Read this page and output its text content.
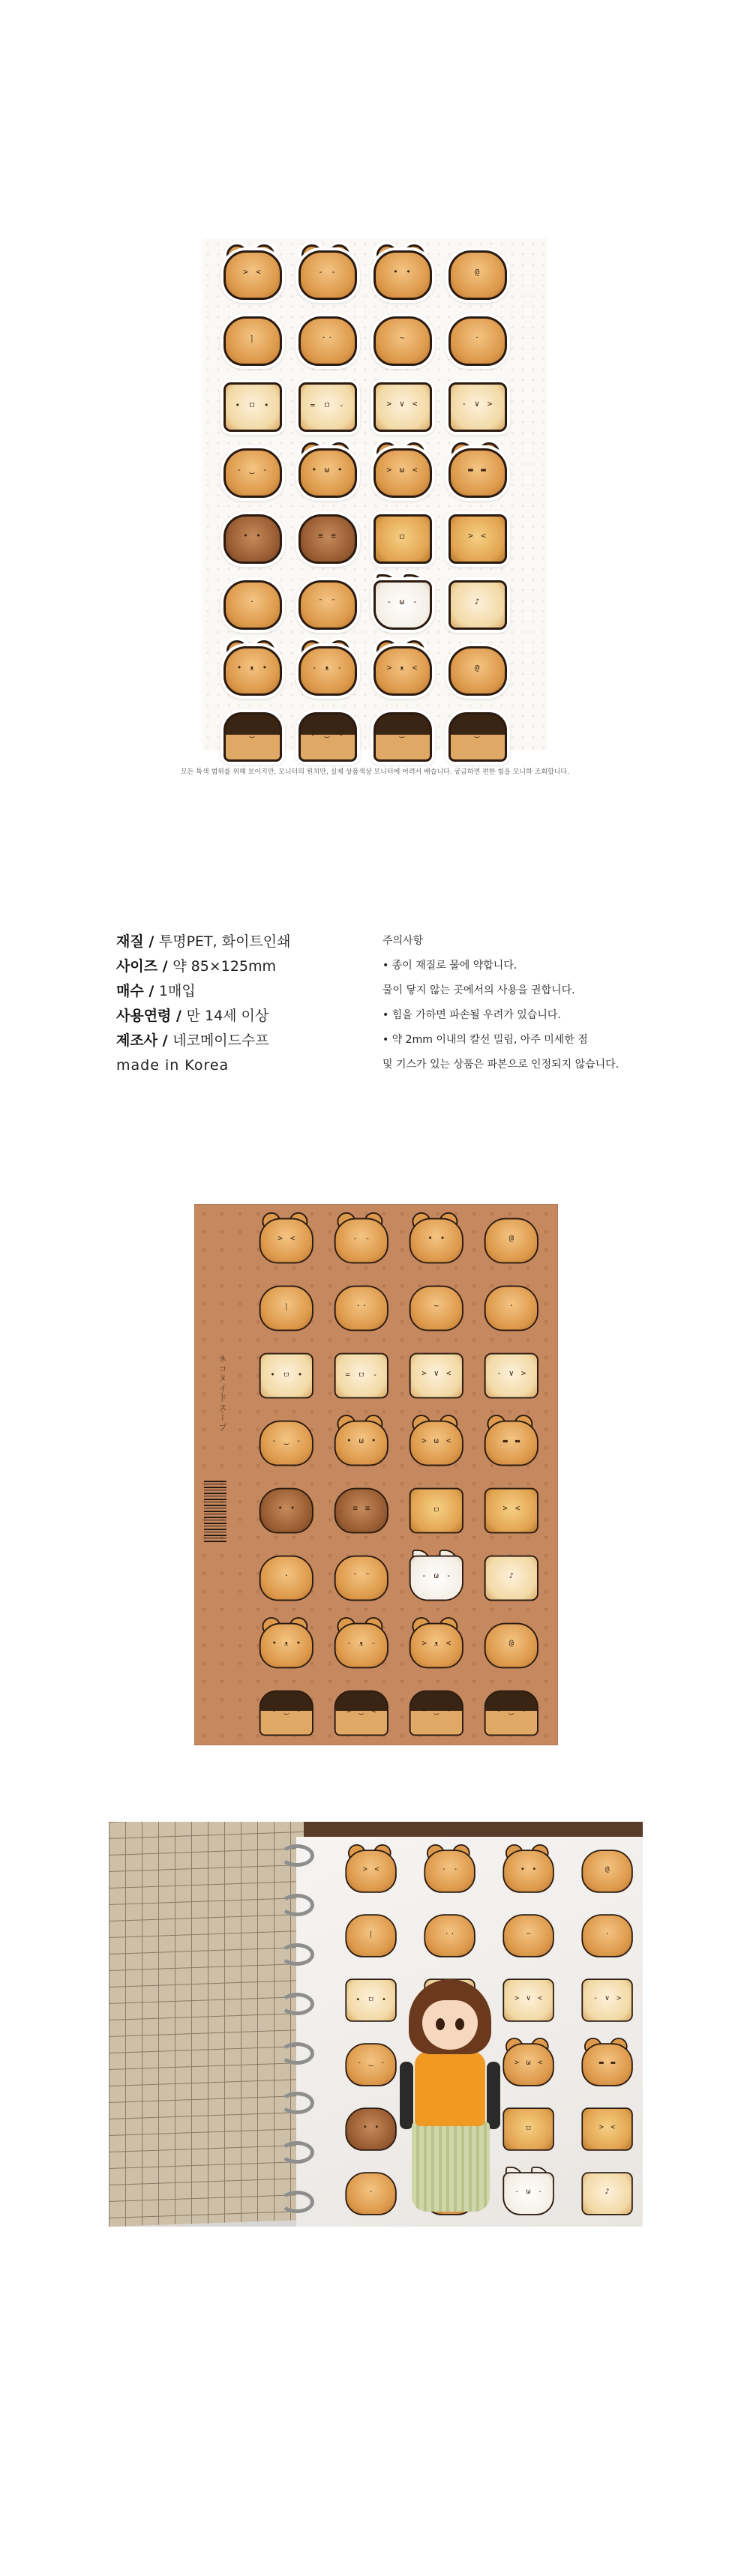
> <	- -	• •	@
ㅣ	··	~	·
• ㅁ •	= ㅁ -	> ∨ <	- ∨ >
- ‿ -	• ω •	> ω <	▬ ▬
• •	≡ ≡	ㅁ	> <
·	ᵔ ᵔ	- ω -	♪
• ᴥ •	- ᴥ -	> ᴥ <	@
- ‿ -	> ‿ <	• ‿ •	- ‿ -
모든 특색 범위를 위해 보이지만, 모니터의 원치만, 실제 상품색상 모니터에 어려서 배습니다. 궁금하면 편한 힘을 모니하 조회합니다.
재질 / 투명PET, 화이트인쇄
사이즈 / 약 85×125mm
매수 / 1매입
사용연령 / 만 14세 이상
제조사 / 네코메이드수프
made in Korea
주의사항
• 종이 재질로 물에 약합니다.
물이 닿지 않는 곳에서의 사용을 권합니다.
• 힘을 가하면 파손될 우려가 있습니다.
• 약 2mm 이내의 칼선 밀림, 아주 미세한 점
및 기스가 있는 상품은 파본으로 인정되지 않습니다.
ネコメイドスープ
> <	- -	• •	@
ㅣ	··	~	·
• ㅁ •	= ㅁ -	> ∨ <	- ∨ >
- ‿ -	• ω •	> ω <	▬ ▬
• •	≡ ≡	ㅁ	> <
·	ᵔ ᵔ	- ω -	♪
• ᴥ •	- ᴥ -	> ᴥ <	@
- ‿ -	> ‿ <	• ‿ •	- ‿ -
> <	- -	• •	@
ㅣ	··	~	·
• ㅁ •	> ∨ <	- ∨ >
- ‿ -	> ω <	▬ ▬
• •	ㅁ	> <
·	- ω -	♪
